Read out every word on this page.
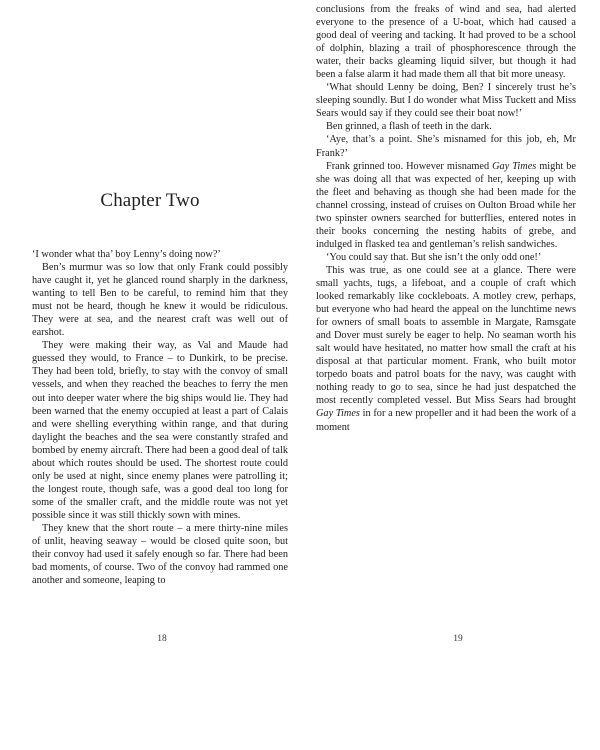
Chapter Two

‘I wonder what tha’ boy Lenny’s doing now?’

Ben’s murmur was so low that only Frank could possibly have caught it, yet he glanced round sharply in the darkness, wanting to tell Ben to be careful, to remind him that they must not be heard, though he knew it would be ridiculous. They were at sea, and the nearest craft was well out of earshot.

They were making their way, as Val and Maude had guessed they would, to France – to Dunkirk, to be precise. They had been told, briefly, to stay with the convoy of small vessels, and when they reached the beaches to ferry the men out into deeper water where the big ships would lie. They had been warned that the enemy occupied at least a part of Calais and were shelling everything within range, and that during daylight the beaches and the sea were constantly strafed and bombed by enemy aircraft. There had been a good deal of talk about which routes should be used. The shortest route could only be used at night, since enemy planes were patrolling it; the longest route, though safe, was a good deal too long for some of the smaller craft, and the middle route was not yet possible since it was still thickly sown with mines.

They knew that the short route – a mere thirty-nine miles of unlit, heaving seaway – would be closed quite soon, but their convoy had used it safely enough so far. There had been bad moments, of course. Two of the convoy had rammed one another and someone, leaping to

18

conclusions from the freaks of wind and sea, had alerted everyone to the presence of a U-boat, which had caused a good deal of veering and tacking. It had proved to be a school of dolphin, blazing a trail of phosphorescence through the water, their backs gleaming liquid silver, but though it had been a false alarm it had made them all that bit more uneasy.

‘What should Lenny be doing, Ben? I sincerely trust he’s sleeping soundly. But I do wonder what Miss Tuckett and Miss Sears would say if they could see their boat now!’

Ben grinned, a flash of teeth in the dark.

‘Aye, that’s a point. She’s misnamed for this job, eh, Mr Frank?’

Frank grinned too. However misnamed Gay Times might be she was doing all that was expected of her, keeping up with the fleet and behaving as though she had been made for the channel crossing, instead of cruises on Oulton Broad while her two spinster owners searched for butterflies, entered notes in their books concerning the nesting habits of grebe, and indulged in flasked tea and gentleman’s relish sandwiches.

‘You could say that. But she isn’t the only odd one!’

This was true, as one could see at a glance. There were small yachts, tugs, a lifeboat, and a couple of craft which looked remarkably like cockleboats. A motley crew, perhaps, but everyone who had heard the appeal on the lunchtime news for owners of small boats to assemble in Margate, Ramsgate and Dover must surely be eager to help. No seaman worth his salt would have hesitated, no matter how small the craft at his disposal at that particular moment. Frank, who built motor torpedo boats and patrol boats for the navy, was caught with nothing ready to go to sea, since he had just despatched the most recently completed vessel. But Miss Sears had brought Gay Times in for a new propeller and it had been the work of a moment

19
